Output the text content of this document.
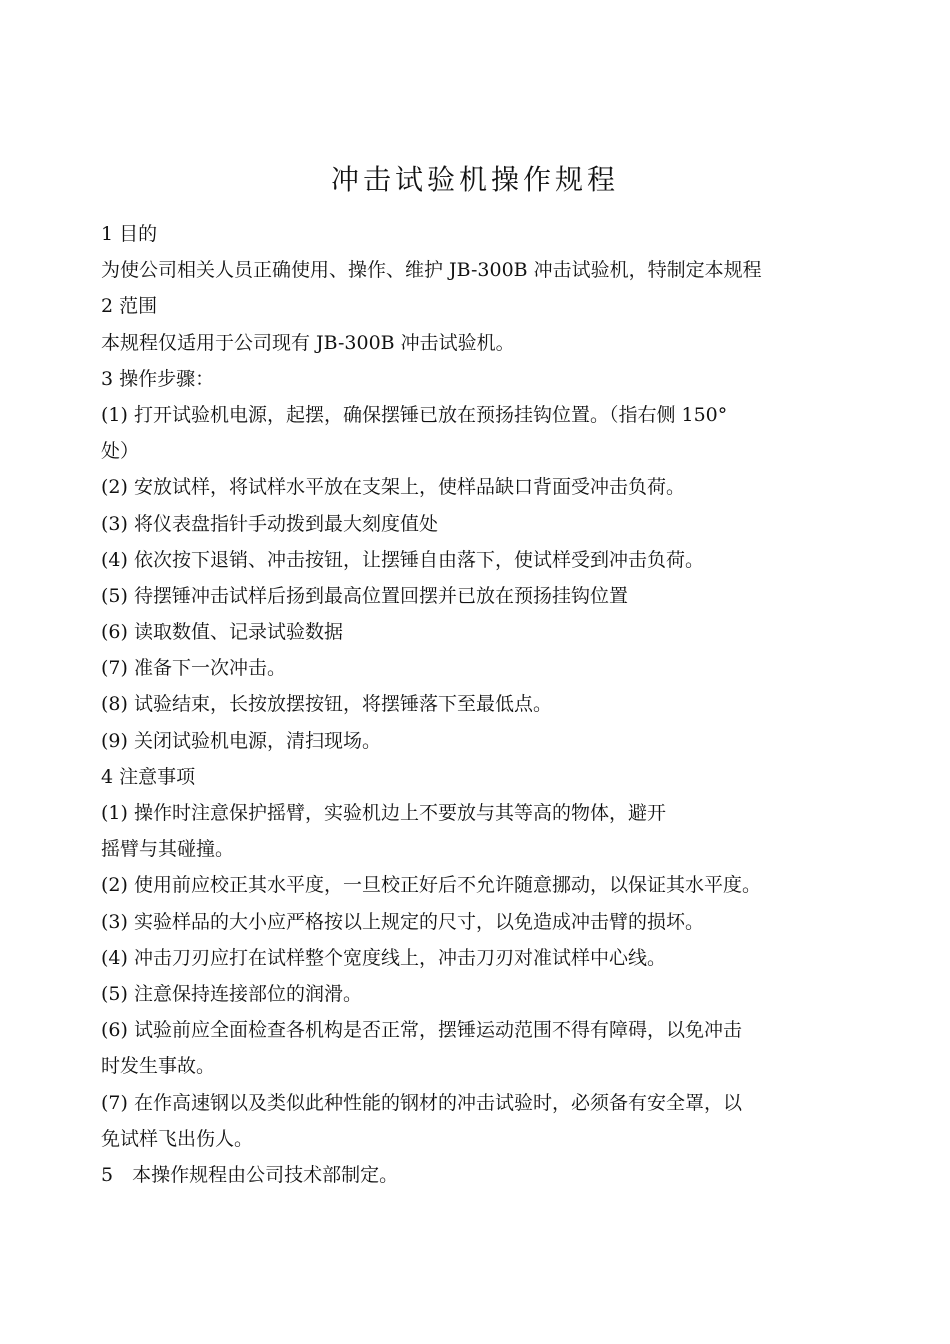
冲击试验机操作规程
1 目的
为使公司相关人员正确使用、操作、维护 JB-300B 冲击试验机，特制定本规程
2 范围
本规程仅适用于公司现有 JB-300B 冲击试验机。
3 操作步骤：
(1) 打开试验机电源，起摆，确保摆锤已放在预扬挂钩位置。（指右侧 150°
处）
(2) 安放试样，将试样水平放在支架上，使样品缺口背面受冲击负荷。
(3) 将仪表盘指针手动拨到最大刻度值处
(4) 依次按下退销、冲击按钮，让摆锤自由落下，使试样受到冲击负荷。
(5) 待摆锤冲击试样后扬到最高位置回摆并已放在预扬挂钩位置
(6) 读取数值、记录试验数据
(7) 准备下一次冲击。
(8) 试验结束，长按放摆按钮，将摆锤落下至最低点。
(9) 关闭试验机电源，清扫现场。
4 注意事项
(1) 操作时注意保护摇臂，实验机边上不要放与其等高的物体，避开
摇臂与其碰撞。
(2) 使用前应校正其水平度，一旦校正好后不允许随意挪动，以保证其水平度。
(3) 实验样品的大小应严格按以上规定的尺寸，以免造成冲击臂的损坏。
(4) 冲击刀刃应打在试样整个宽度线上，冲击刀刃对准试样中心线。
(5) 注意保持连接部位的润滑。
(6) 试验前应全面检查各机构是否正常，摆锤运动范围不得有障碍，以免冲击
时发生事故。
(7) 在作高速钢以及类似此种性能的钢材的冲击试验时，必须备有安全罩，以
免试样飞出伤人。
5　本操作规程由公司技术部制定。
